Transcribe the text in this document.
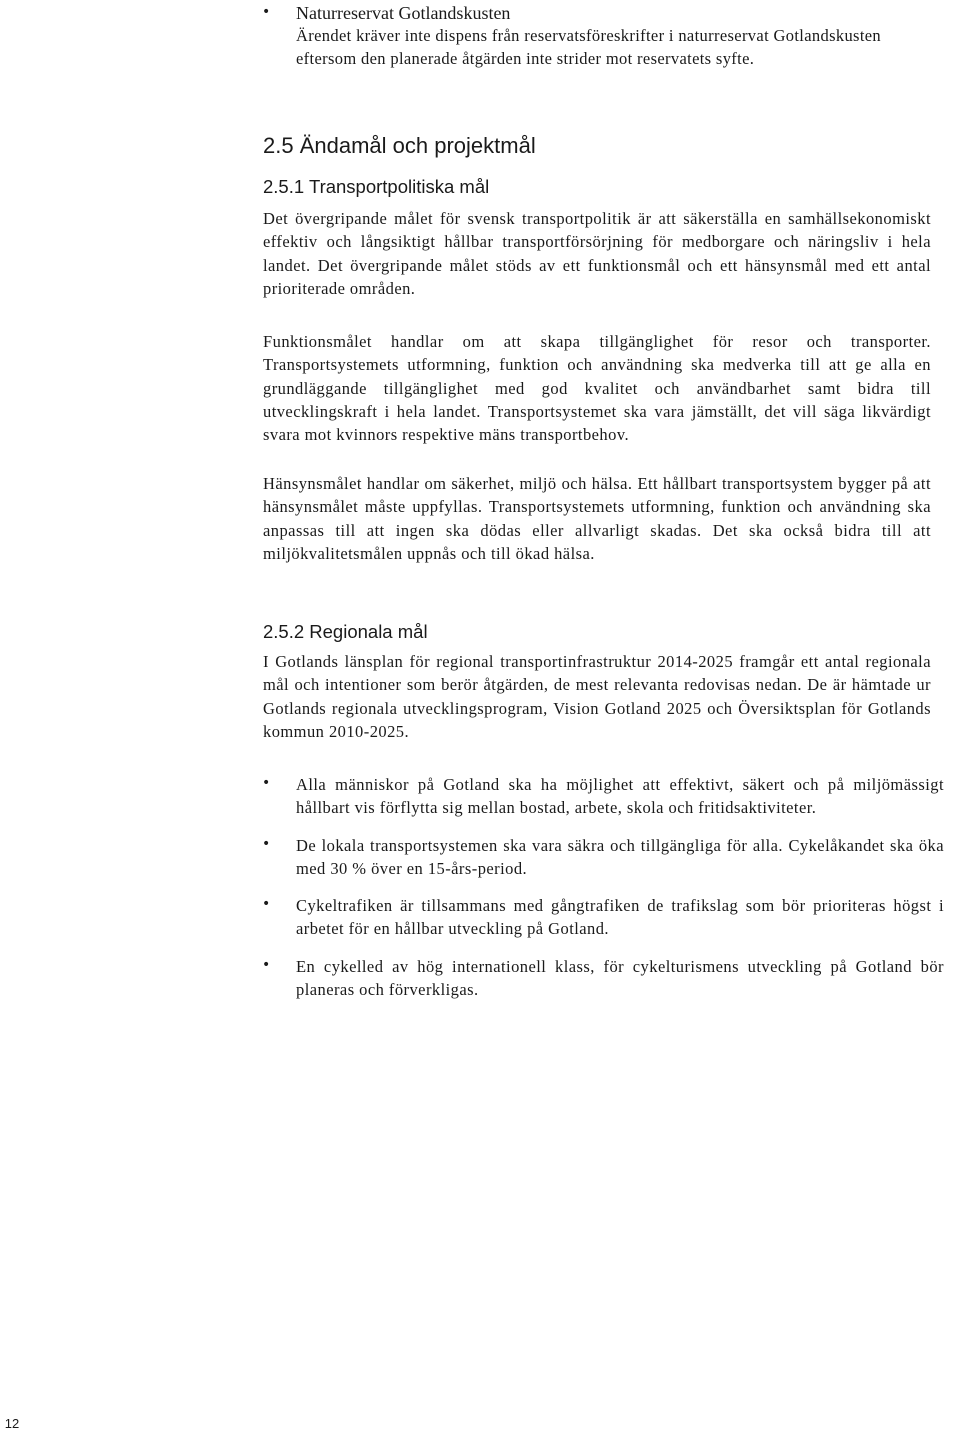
• Naturreservat Gotlandskusten
Ärendet kräver inte dispens från reservatsföreskrifter i naturreservat Gotlandskusten eftersom den planerade åtgärden inte strider mot reservatets syfte.
2.5 Ändamål och projektmål
2.5.1 Transportpolitiska mål

Det övergripande målet för svensk transportpolitik är att säkerställa en samhällsekonomiskt effektiv och långsiktigt hållbar transportförsörjning för medborgare och näringsliv i hela landet. Det övergripande målet stöds av ett funktionsmål och ett hänsynsmål med ett antal prioriterade områden.

Funktionsmålet handlar om att skapa tillgänglighet för resor och transporter. Transportsystemets utformning, funktion och användning ska medverka till att ge alla en grundläggande tillgänglighet med god kvalitet och användbarhet samt bidra till utvecklingskraft i hela landet. Transportsystemet ska vara jämställt, det vill säga likvärdigt svara mot kvinnors respektive mäns transportbehov.

Hänsynsmålet handlar om säkerhet, miljö och hälsa. Ett hållbart transportsystem bygger på att hänsynsmålet måste uppfyllas. Transportsystemets utformning, funktion och användning ska anpassas till att ingen ska dödas eller allvarligt skadas. Det ska också bidra till att miljökvalitetsmålen uppnås och till ökad hälsa.

2.5.2 Regionala mål

I Gotlands länsplan för regional transportinfrastruktur 2014-2025 framgår ett antal regionala mål och intentioner som berör åtgärden, de mest relevanta redovisas nedan. De är hämtade ur Gotlands regionala utvecklingsprogram, Vision Gotland 2025 och Översiktsplan för Gotlands kommun 2010-2025.

• Alla människor på Gotland ska ha möjlighet att effektivt, säkert och på miljömässigt hållbart vis förflytta sig mellan bostad, arbete, skola och fritidsaktiviteter.
• De lokala transportsystemen ska vara säkra och tillgängliga för alla. Cykelåkandet ska öka med 30 % över en 15-års-period.
• Cykeltrafiken är tillsammans med gångtrafiken de trafikslag som bör prioriteras högst i arbetet för en hållbar utveckling på Gotland.
• En cykelled av hög internationell klass, för cykelturismens utveckling på Gotland bör planeras och förverkligas.
12
